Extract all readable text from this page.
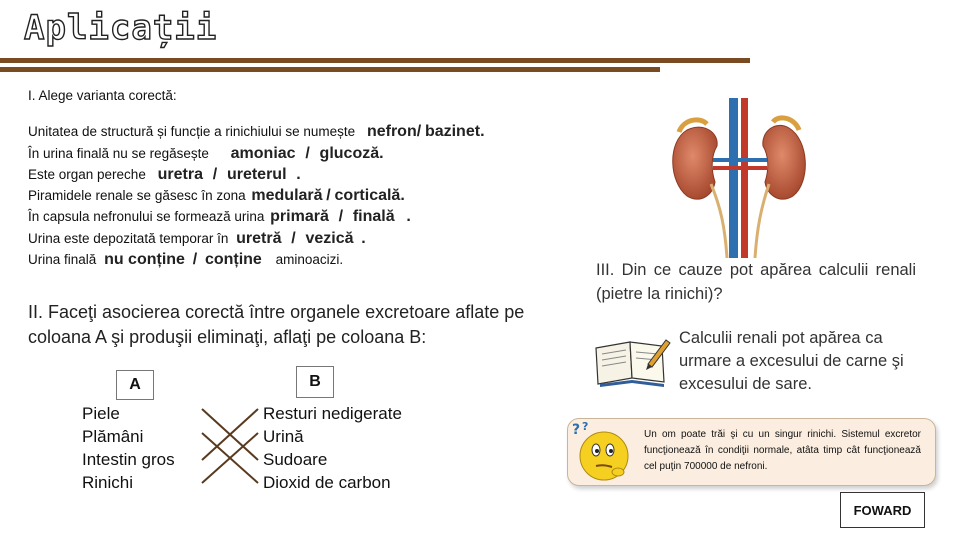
Aplicații
I. Alege varianta corectă:
Unitatea de structură și funcție a rinichiului se numește nefron/ bazinet.
În urina finală nu se regăsește amoniac / glucoză.
Este organ pereche uretra / ureterul .
Piramidele renale se găsesc în zona medulară / corticală.
În capsula nefronului se formează urina primară / finală .
Urina este depozitată temporar în uretră / vezică .
Urina finală nu conține / conține aminoacizi.
II. Faceţi asocierea corectă între organele excretoare aflate pe coloana A şi produşii eliminaţi, aflaţi pe coloana B:
A	B
Piele
Plămâni
Intestin gros
Rinichi
Resturi nedigerate
Urină
Sudoare
Dioxid de carbon
III. Din ce cauze pot apărea calculii renali (pietre la rinichi)?
Calculii renali pot apărea ca urmare a excesului de carne şi excesului de sare.
? ?
Un om poate trăi şi cu un singur rinichi. Sistemul excretor funcţionează în condiţii normale, atâta timp cât funcţionează cel puţin 700000 de nefroni.
FOWARD
